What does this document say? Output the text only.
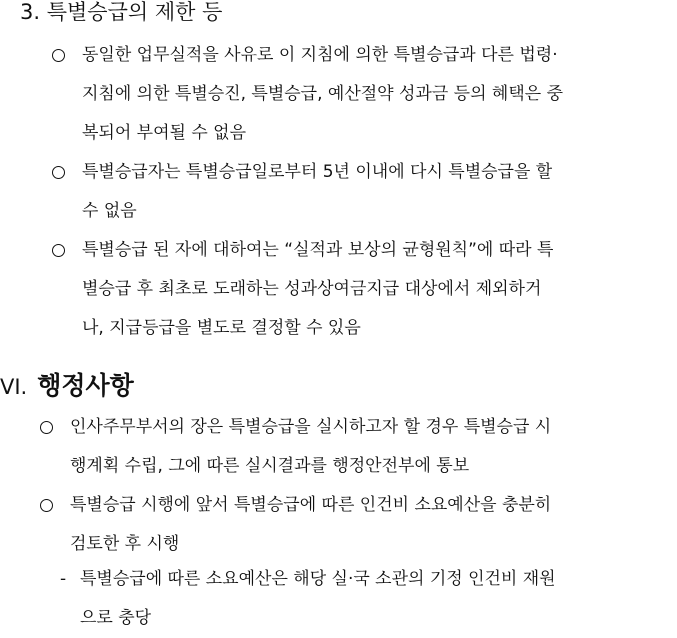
3. 특별승급의 제한 등
동일한 업무실적을 사유로 이 지침에 의한 특별승급과 다른 법령·
지침에 의한 특별승진, 특별승급, 예산절약 성과금 등의 혜택은 중
복되어 부여될 수 없음
특별승급자는 특별승급일로부터 5년 이내에 다시 특별승급을 할
수 없음
특별승급 된 자에 대하여는 “실적과 보상의 균형원칙”에 따라 특
별승급 후 최초로 도래하는 성과상여금지급 대상에서 제외하거
나, 지급등급을 별도로 결정할 수 있음
VI. 행정사항
인사주무부서의 장은 특별승급을 실시하고자 할 경우 특별승급 시
행계획 수립, 그에 따른 실시결과를 행정안전부에 통보
특별승급 시행에 앞서 특별승급에 따른 인건비 소요예산을 충분히
검토한 후 시행
- 특별승급에 따른 소요예산은 해당 실·국 소관의 기정 인건비 재원
으로 충당
